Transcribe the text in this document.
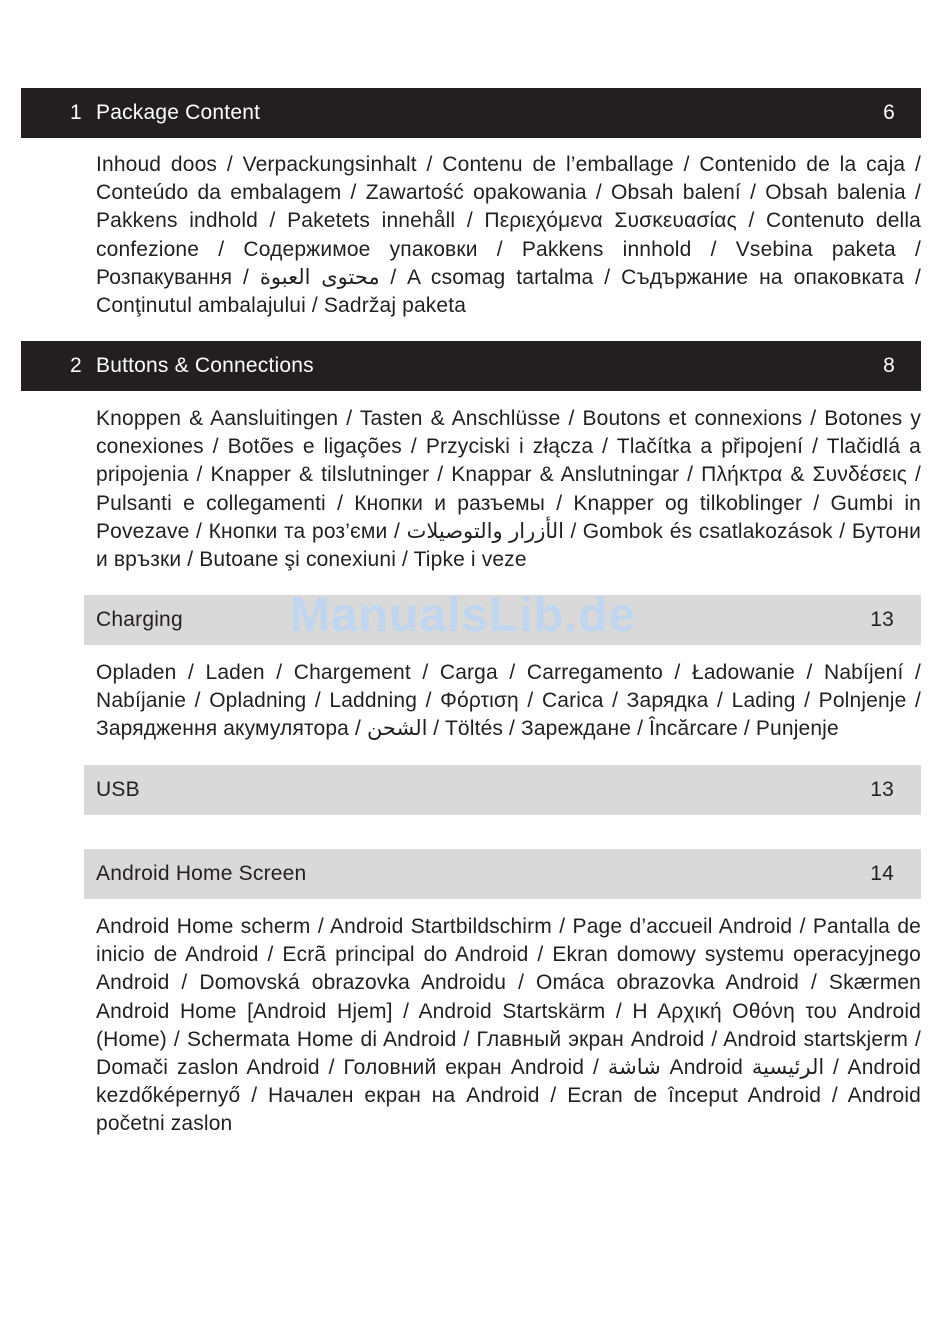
1 Package Content	6

Inhoud doos / Verpackungsinhalt / Contenu de l’emballage / Contenido de la caja / Conteúdo da embalagem / Zawartość opakowania / Obsah balení / Obsah balenia / Pakkens indhold / Paketets innehåll / Περιεχόμενα Συσκευασίας / Contenuto della confezione / Содержимое упаковки / Pakkens innhold / Vsebina paketa / Розпакування / محتوى العبوة / A csomag tartalma / Съдържание на опаковката / Conţinutul ambalajului / Sadržaj paketa

2 Buttons & Connections	8

Knoppen & Aansluitingen / Tasten & Anschlüsse / Boutons et connexions / Botones y conexiones / Botões e ligações / Przyciski i złącza / Tlačítka a připojení / Tlačidlá a pripojenia / Knapper & tilslutninger / Knappar & Anslutningar / Πλήκτρα & Συνδέσεις / Pulsanti e collegamenti / Кнопки и разъемы / Knapper og tilkoblinger / Gumbi in Povezave / Кнопки та роз’єми / الأزرار والتوصيلات / Gombok és csatlakozások / Бутони и връзки / Butoane şi conexiuni / Tipke i veze

Charging	13
ManualsLib.de

Opladen / Laden / Chargement / Carga / Carregamento / Ładowanie / Nabíjení / Nabíjanie / Opladning / Laddning / Φόρτιση / Carica / Зарядка / Lading / Polnjenje / Зарядження акумулятора / الشحن / Töltés / Зареждане / Încărcare / Punjenje

USB	13
Android Home Screen	14

Android Home scherm / Android Startbildschirm / Page d’accueil Android / Pantalla de inicio de Android / Ecrã principal do Android / Ekran domowy systemu operacyjnego Android / Domovská obrazovka Androidu / Omáca obrazovka Android / Skærmen Android Home [Android Hjem] / Android Startskärm / Η Αρχική Οθόνη του Android (Home) / Schermata Home di Android / Главный экран Android / Android startskjerm / Domači zaslon Android / Головний екран Android / شاشة Android الرئيسية / Android kezdőképernyő / Начален екран на Android / Ecran de început Android / Android početni zaslon
